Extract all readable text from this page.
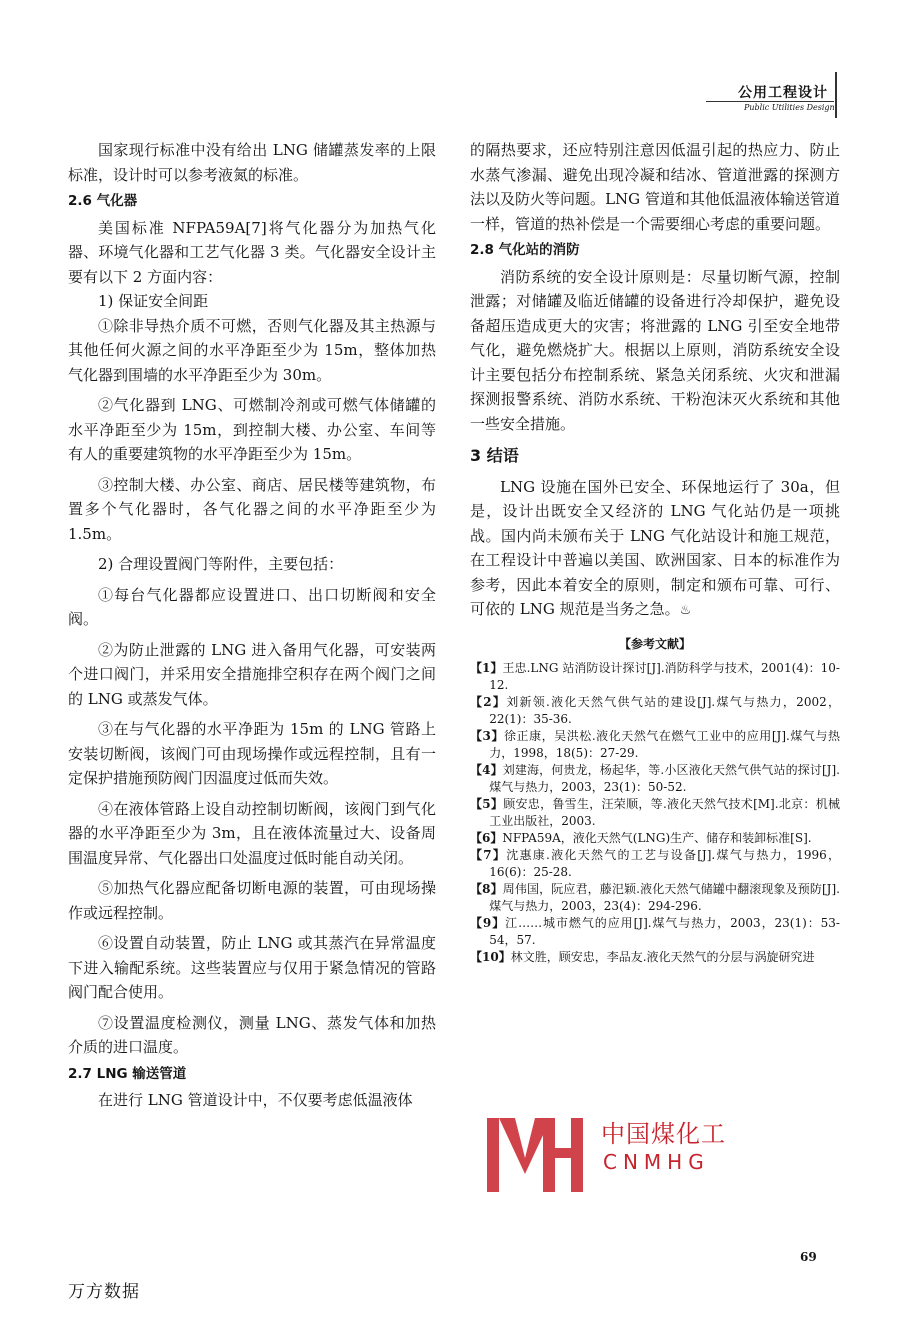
公用工程设计
Public Utilities Design

国家现行标准中没有给出 LNG 储罐蒸发率的上限标准，设计时可以参考液氮的标准。

2.6 气化器

美国标准 NFPA59A[7]将气化器分为加热气化器、环境气化器和工艺气化器 3 类。气化器安全设计主要有以下 2 方面内容：

1) 保证安全间距

①除非导热介质不可燃，否则气化器及其主热源与其他任何火源之间的水平净距至少为 15m，整体加热气化器到围墙的水平净距至少为 30m。

②气化器到 LNG、可燃制冷剂或可燃气体储罐的水平净距至少为 15m，到控制大楼、办公室、车间等有人的重要建筑物的水平净距至少为 15m。

③控制大楼、办公室、商店、居民楼等建筑物，布置多个气化器时，各气化器之间的水平净距至少为 1.5m。

2) 合理设置阀门等附件，主要包括：

①每台气化器都应设置进口、出口切断阀和安全阀。

②为防止泄露的 LNG 进入备用气化器，可安装两个进口阀门，并采用安全措施排空积存在两个阀门之间的 LNG 或蒸发气体。

③在与气化器的水平净距为 15m 的 LNG 管路上安装切断阀，该阀门可由现场操作或远程控制，且有一定保护措施预防阀门因温度过低而失效。

④在液体管路上设自动控制切断阀，该阀门到气化器的水平净距至少为 3m，且在液体流量过大、设备周围温度异常、气化器出口处温度过低时能自动关闭。

⑤加热气化器应配备切断电源的装置，可由现场操作或远程控制。

⑥设置自动装置，防止 LNG 或其蒸汽在异常温度下进入输配系统。这些装置应与仅用于紧急情况的管路阀门配合使用。

⑦设置温度检测仪，测量 LNG、蒸发气体和加热介质的进口温度。

2.7 LNG 输送管道

在进行 LNG 管道设计中，不仅要考虑低温液体

的隔热要求，还应特别注意因低温引起的热应力、防止水蒸气渗漏、避免出现冷凝和结冰、管道泄露的探测方法以及防火等问题。LNG 管道和其他低温液体输送管道一样，管道的热补偿是一个需要细心考虑的重要问题。

2.8 气化站的消防

消防系统的安全设计原则是：尽量切断气源，控制泄露；对储罐及临近储罐的设备进行冷却保护，避免设备超压造成更大的灾害；将泄露的 LNG 引至安全地带气化，避免燃烧扩大。根据以上原则，消防系统安全设计主要包括分布控制系统、紧急关闭系统、火灾和泄漏探测报警系统、消防水系统、干粉泡沫灭火系统和其他一些安全措施。

3 结语

LNG 设施在国外已安全、环保地运行了 30a，但是，设计出既安全又经济的 LNG 气化站仍是一项挑战。国内尚未颁布关于 LNG 气化站设计和施工规范，在工程设计中普遍以美国、欧洲国家、日本的标准作为参考，因此本着安全的原则，制定和颁布可靠、可行、可依的 LNG 规范是当务之急。♨

【参考文献】

【1】王忠.LNG 站消防设计探讨[J].消防科学与技术，2001(4)：10-12.

【2】刘新领.液化天然气供气站的建设[J].煤气与热力，2002，22(1)：35-36.

【3】徐正康，吴洪松.液化天然气在燃气工业中的应用[J].煤气与热力，1998，18(5)：27-29.

【4】刘建海，何贵龙，杨起华，等.小区液化天然气供气站的探讨[J].煤气与热力，2003，23(1)：50-52.

【5】顾安忠，鲁雪生，汪荣顺，等.液化天然气技术[M].北京：机械工业出版社，2003.

【6】NFPA59A，液化天然气(LNG)生产、储存和装卸标准[S].

【7】沈惠康.液化天然气的工艺与设备[J].煤气与热力，1996，16(6)：25-28.

【8】周伟国，阮应君，藤汜颖.液化天然气储罐中翻滚现象及预防[J].煤气与热力，2003，23(4)：294-296.

【9】江……城市燃气的应用[J].煤气与热力，2003，23(1)：53-54，57.

【10】林文胜，顾安忠，李品友.液化天然气的分层与涡旋研究进

中国煤化工
CNMHG
69
万方数据
